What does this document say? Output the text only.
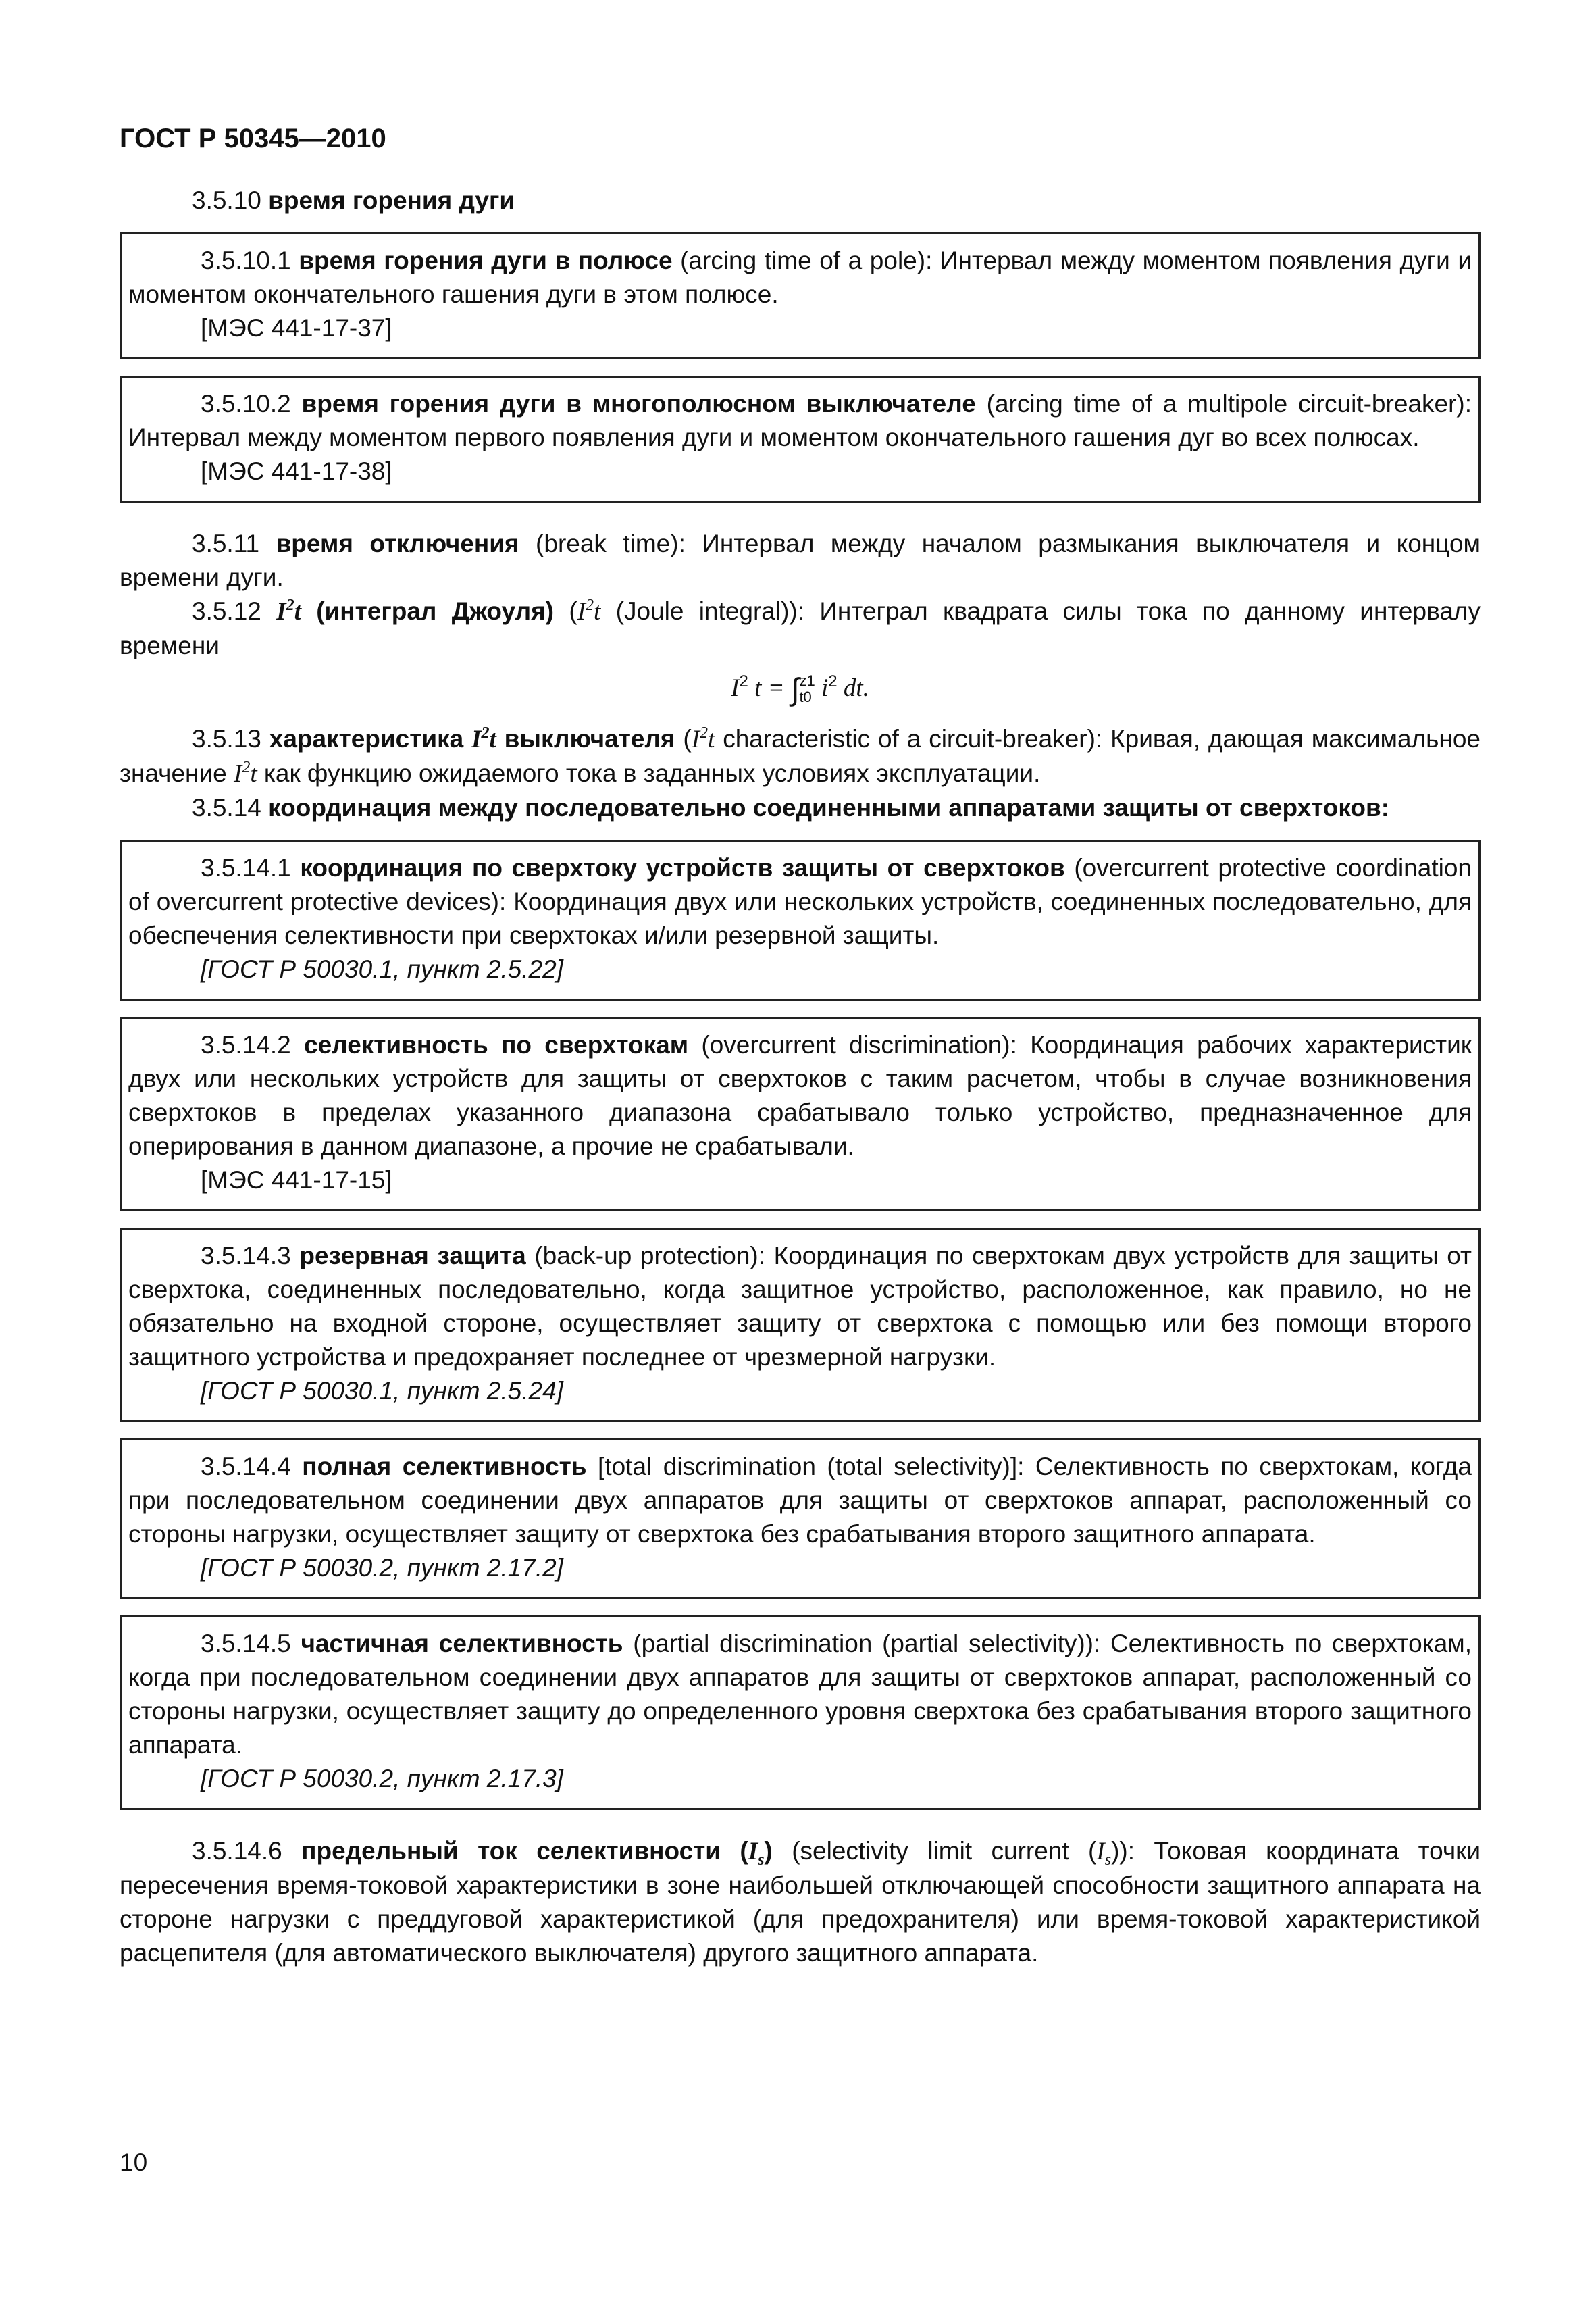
ГОСТ Р 50345—2010

3.5.10 время горения дуги

3.5.10.1 время горения дуги в полюсе (arcing time of a pole): Интервал между моментом появления дуги и моментом окончательного гашения дуги в этом полюсе.

[МЭС 441-17-37]

3.5.10.2 время горения дуги в многополюсном выключателе (arcing time of a multipole circuit-breaker): Интервал между моментом первого появления дуги и моментом окончательного гашения дуг во всех полюсах.

[МЭС 441-17-38]

3.5.11 время отключения (break time): Интервал между началом размыкания выключателя и концом времени дуги.

3.5.12 $I^2t$ (интеграл Джоуля) ($I^2t$ (Joule integral)): Интеграл квадрата силы тока по данному интервалу времени

$I^2$ t = ∫ z1
t0 $i^2$ dt.

3.5.13 характеристика $I^2t$ выключателя ($I^2t$ characteristic of a circuit-breaker): Кривая, дающая максимальное значение $I^2t$ как функцию ожидаемого тока в заданных условиях эксплуатации.

3.5.14 координация между последовательно соединенными аппаратами защиты от сверхтоков:

3.5.14.1 координация по сверхтоку устройств защиты от сверхтоков (overcurrent protective coordination of overcurrent protective devices): Координация двух или нескольких устройств, соединенных последовательно, для обеспечения селективности при сверхтоках и/или резервной защиты.

[ГОСТ Р 50030.1, пункт 2.5.22]

3.5.14.2 селективность по сверхтокам (overcurrent discrimination): Координация рабочих характеристик двух или нескольких устройств для защиты от сверхтоков с таким расчетом, чтобы в случае возникновения сверхтоков в пределах указанного диапазона срабатывало только устройство, предназначенное для оперирования в данном диапазоне, а прочие не срабатывали.

[МЭС 441-17-15]

3.5.14.3 резервная защита (back-up protection): Координация по сверхтокам двух устройств для защиты от сверхтока, соединенных последовательно, когда защитное устройство, расположенное, как правило, но не обязательно на входной стороне, осуществляет защиту от сверхтока с помощью или без помощи второго защитного устройства и предохраняет последнее от чрезмерной нагрузки.

[ГОСТ Р 50030.1, пункт 2.5.24]

3.5.14.4 полная селективность [total discrimination (total selectivity)]: Селективность по сверхтокам, когда при последовательном соединении двух аппаратов для защиты от сверхтоков аппарат, расположенный со стороны нагрузки, осуществляет защиту от сверхтока без срабатывания второго защитного аппарата.

[ГОСТ Р 50030.2, пункт 2.17.2]

3.5.14.5 частичная селективность (partial discrimination (partial selectivity)): Селективность по сверхтокам, когда при последовательном соединении двух аппаратов для защиты от сверхтоков аппарат, расположенный со стороны нагрузки, осуществляет защиту до определенного уровня сверхтока без срабатывания второго защитного аппарата.

[ГОСТ Р 50030.2, пункт 2.17.3]

3.5.14.6 предельный ток селективности $(I_s)$ (selectivity limit current $(I_s)$): Токовая координата точки пересечения время-токовой характеристики в зоне наибольшей отключающей способности защитного аппарата на стороне нагрузки с преддуговой характеристикой (для предохранителя) или время-токовой характеристикой расцепителя (для автоматического выключателя) другого защитного аппарата.

10
